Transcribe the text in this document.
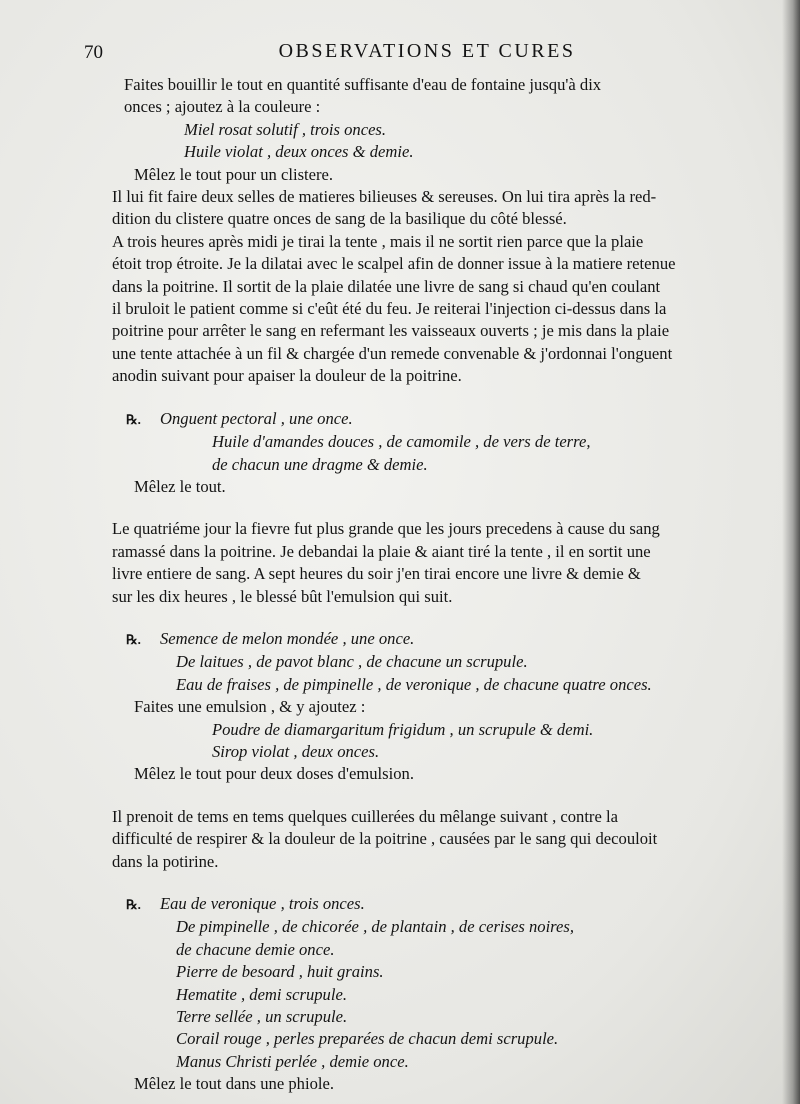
70	OBSERVATIONS ET CURES
Faites bouillir le tout en quantité suffisante d'eau de fontaine jusqu'à dix
onces ; ajoutez à la couleure :
Miel rosat solutif , trois onces.
Huile violat , deux onces & demie.
Mêlez le tout pour un clistere.
Il lui fit faire deux selles de matieres bilieuses & sereuses. On lui tira après la red-
dition du clistere quatre onces de sang de la basilique du côté blessé.
A trois heures après midi je tirai la tente , mais il ne sortit rien parce que la plaie
étoit trop étroite. Je la dilatai avec le scalpel afin de donner issue à la matiere retenue
dans la poitrine. Il sortit de la plaie dilatée une livre de sang si chaud qu'en coulant
il bruloit le patient comme si c'eût été du feu. Je reiterai l'injection ci-dessus dans la
poitrine pour arrêter le sang en refermant les vaisseaux ouverts ; je mis dans la plaie
une tente attachée à un fil & chargée d'un remede convenable & j'ordonnai l'onguent
anodin suivant pour apaiser la douleur de la poitrine.
℞. Onguent pectoral , une once.
Huile d'amandes douces , de camomile , de vers de terre,
de chacun une dragme & demie.
Mêlez le tout.
Le quatriéme jour la fievre fut plus grande que les jours precedens à cause du sang
ramassé dans la poitrine. Je debandai la plaie & aiant tiré la tente , il en sortit une
livre entiere de sang. A sept heures du soir j'en tirai encore une livre & demie &
sur les dix heures , le blessé bût l'emulsion qui suit.
℞. Semence de melon mondée , une once.
De laitues , de pavot blanc , de chacune un scrupule.
Eau de fraises , de pimpinelle , de veronique , de chacune quatre onces.
Faites une emulsion , & y ajoutez :
Poudre de diamargaritum frigidum , un scrupule & demi.
Sirop violat , deux onces.
Mêlez le tout pour deux doses d'emulsion.
Il prenoit de tems en tems quelques cuillerées du mêlange suivant , contre la
difficulté de respirer & la douleur de la poitrine , causées par le sang qui decouloit
dans la potirine.
℞. Eau de veronique , trois onces.
De pimpinelle , de chicorée , de plantain , de cerises noires,
de chacune demie once.
Pierre de besoard , huit grains.
Hematite , demi scrupule.
Terre sellée , un scrupule.
Corail rouge , perles preparées de chacun demi scrupule.
Manus Christi perlée , demie once.
Mêlez le tout dans une phiole.
